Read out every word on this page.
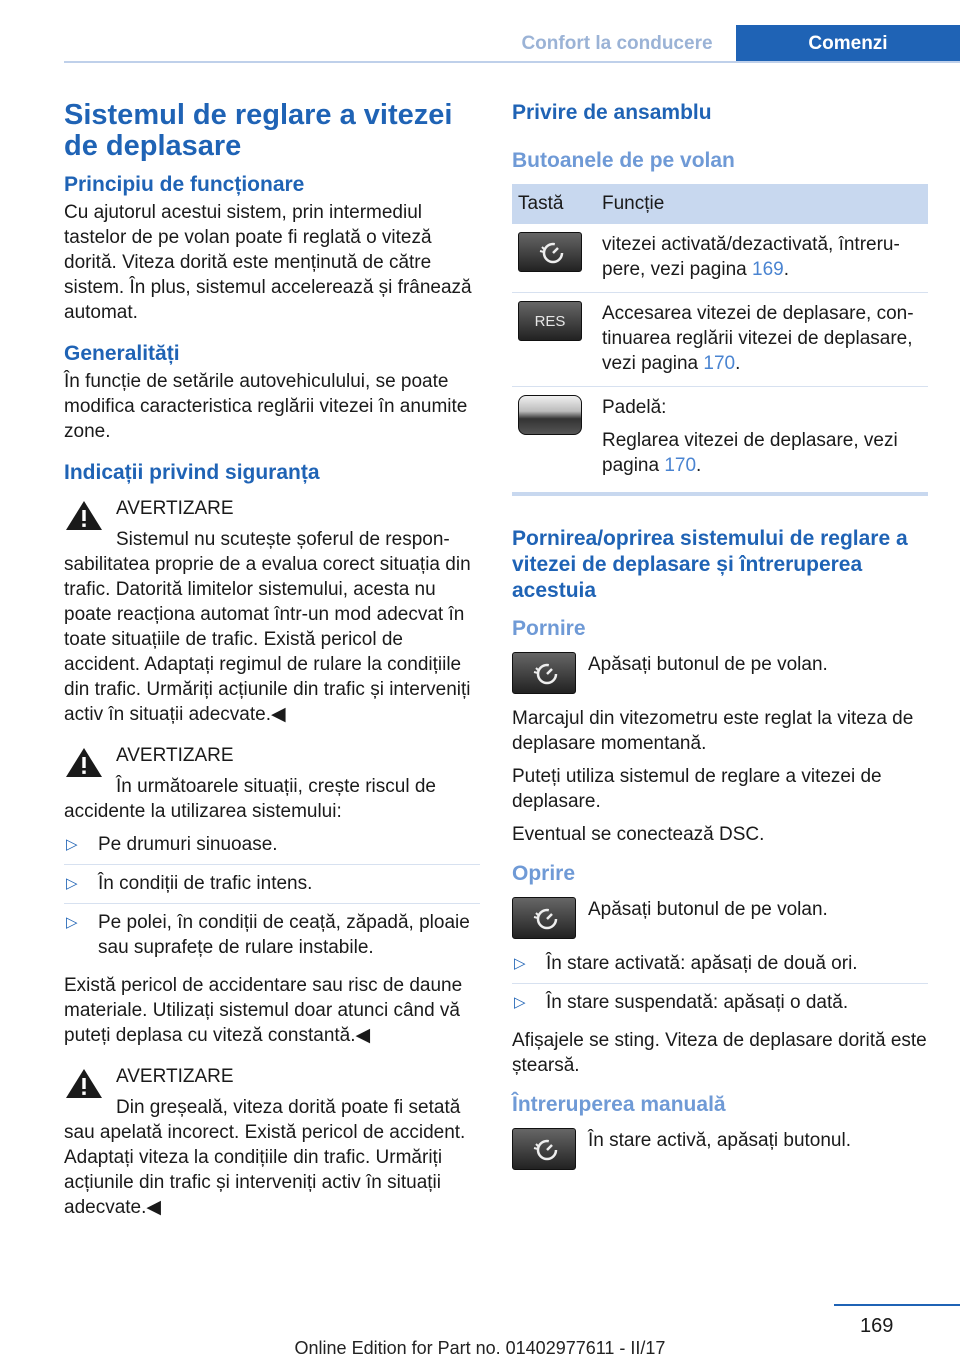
Confort la conducere	Comenzi
Sistemul de reglare a vitezei de deplasare
Principiu de funcționare

Cu ajutorul acestui sistem, prin intermediul tastelor de pe volan poate fi reglată o viteză dorită. Viteza dorită este menținută de către sistem. În plus, sistemul accelerează și frânează automat.

Generalități

În funcție de setările autovehiculului, se poate modifica caracteristica reglării vitezei în anumite zone.

Indicații privind siguranța
AVERTIZARE

Sistemul nu scutește șoferul de responsabilitatea proprie de a evalua corect situația din trafic. Datorită limitelor sistemului, acesta nu poate reacționa automat într-un mod adecvat în toate situațiile de trafic. Există pericol de accident. Adaptați regimul de rulare la condițiile din trafic. Urmăriți acțiunile din trafic și interveniți activ în situații adecvate.◀

AVERTIZARE

În următoarele situații, crește riscul de accidente la utilizarea sistemului:

▷ Pe drumuri sinuoase.
▷ În condiții de trafic intens.
▷ Pe polei, în condiții de ceață, zăpadă, ploaie sau suprafețe de rulare instabile.

Există pericol de accidentare sau risc de daune materiale. Utilizați sistemul doar atunci când vă puteți deplasa cu viteză constantă.◀

AVERTIZARE

Din greșeală, viteza dorită poate fi setată sau apelată incorect. Există pericol de accident. Adaptați viteza la condițiile din trafic. Urmăriți acțiunile din trafic și interveniți activ în situații adecvate.◀

Privire de ansamblu
Butoanele de pe volan
Tastă	Funcție

	vitezei activată/dezactivată, întrerupere, vezi pagina 169.

RES	Accesarea vitezei de deplasare, continuarea reglării vitezei de deplasare, vezi pagina 170.

	Padelă:
Reglarea vitezei de deplasare, vezi pagina 170.
Pornirea/oprirea sistemului de reglare a vitezei de deplasare și întreruperea acestuia
Pornire

Apăsați butonul de pe volan.

Marcajul din vitezometru este reglat la viteza de deplasare momentană.

Puteți utiliza sistemul de reglare a vitezei de deplasare.

Eventual se conectează DSC.

Oprire

Apăsați butonul de pe volan.

▷ În stare activată: apăsați de două ori.
▷ În stare suspendată: apăsați o dată.

Afișajele se sting. Viteza de deplasare dorită este ștearsă.

Întreruperea manuală

În stare activă, apăsați butonul.

169
Online Edition for Part no. 01402977611 - II/17
